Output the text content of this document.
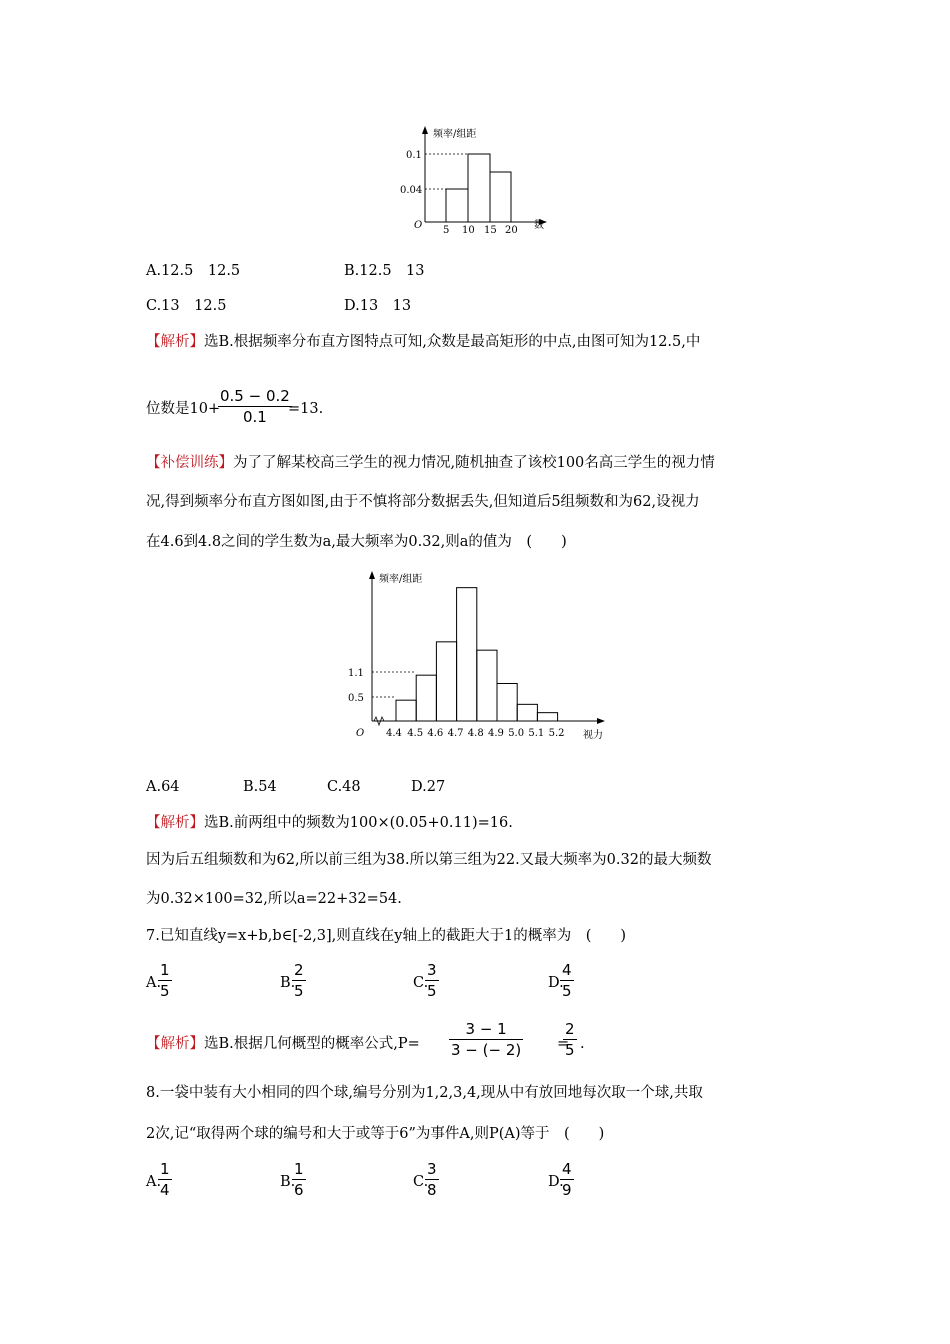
频率/组距
数
O
0.1
0.04
5 10 15 20
A.12.5　12.5	B.12.5　13
C.13　12.5	D.13　13
【解析】选B.根据频率分布直方图特点可知,众数是最高矩形的中点,由图可知为12.5,中
位数是10+
0.5 − 0.2
0.1	=13.
【补偿训练】为了了解某校高三学生的视力情况,随机抽查了该校100名高三学生的视力情
况,得到频率分布直方图如图,由于不慎将部分数据丢失,但知道后5组频数和为62,设视力
在4.6到4.8之间的学生数为a,最大频率为0.32,则a的值为　(　　)
频率/组距
视力
O
1.1
0.5
4.4 4.5 4.6 4.7 4.8 4.9 5.0 5.1 5.2
A.64	B.54	C.48	D.27
【解析】选B.前两组中的频数为100×(0.05+0.11)=16.
因为后五组频数和为62,所以前三组为38.所以第三组为22.又最大频率为0.32的最大频数
为0.32×100=32,所以a=22+32=54.
7.已知直线y=x+b,b∈[-2,3],则直线在y轴上的截距大于1的概率为　(　　)
A.
1
5	B.
2
5	C.
3
5	D.
4
5
【解析】选B.根据几何概型的概率公式,P=
3 − 1
3 − (− 2) =
2
5 .
8.一袋中装有大小相同的四个球,编号分别为1,2,3,4,现从中有放回地每次取一个球,共取
2次,记“取得两个球的编号和大于或等于6”为事件A,则P(A)等于　(　　)
A.
1
4	B.
1
6	C.
3
8	D.
4
9
